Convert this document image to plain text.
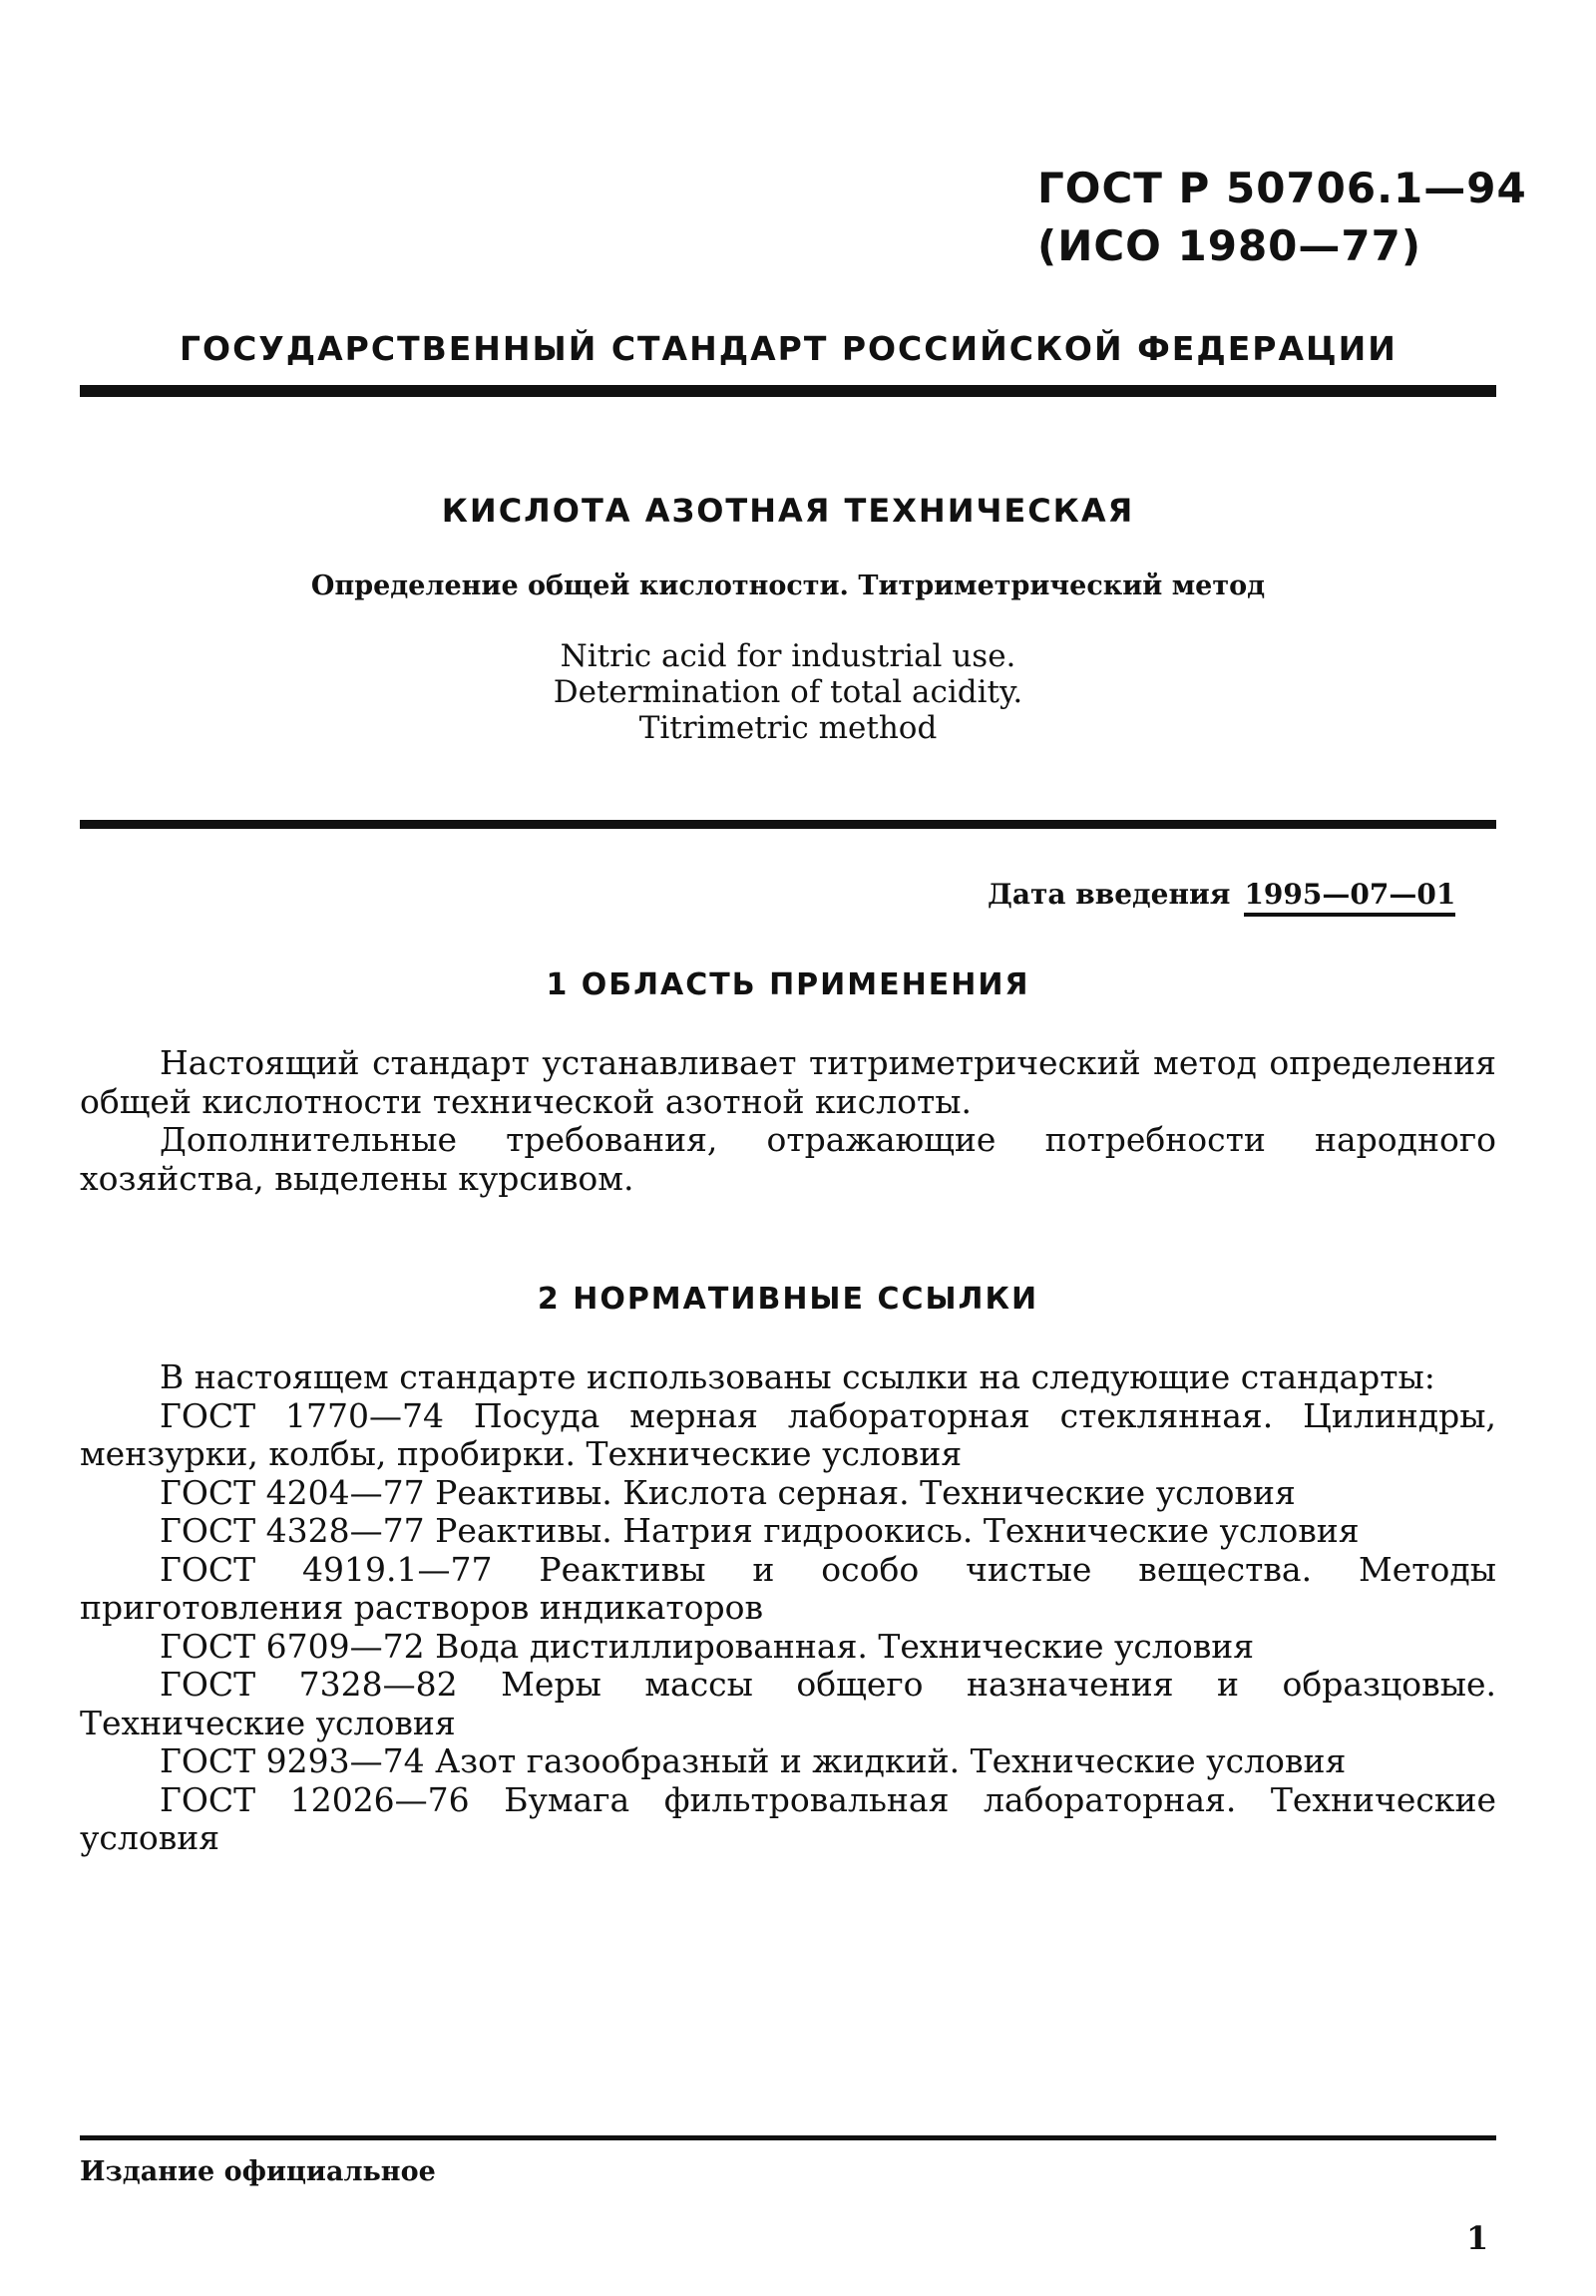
ГОСТ Р 50706.1—94
(ИСО 1980—77)
ГОСУДАРСТВЕННЫЙ СТАНДАРТ РОССИЙСКОЙ ФЕДЕРАЦИИ
КИСЛОТА АЗОТНАЯ ТЕХНИЧЕСКАЯ
Определение общей кислотности. Титриметрический метод
Nitric acid for industrial use.
Determination of total acidity.
Titrimetric method
Дата введения 1995—07—01
1 ОБЛАСТЬ ПРИМЕНЕНИЯ

Настоящий стандарт устанавливает титриметрический метод определения общей кислотности технической азотной кислоты.

Дополнительные требования, отражающие потребности народного хозяйства, выделены курсивом.

2 НОРМАТИВНЫЕ ССЫЛКИ

В настоящем стандарте использованы ссылки на следующие стандарты:

ГОСТ 1770—74 Посуда мерная лабораторная стеклянная. Цилиндры, мензурки, колбы, пробирки. Технические условия

ГОСТ 4204—77 Реактивы. Кислота серная. Технические условия

ГОСТ 4328—77 Реактивы. Натрия гидроокись. Технические условия

ГОСТ 4919.1—77 Реактивы и особо чистые вещества. Методы приготовления растворов индикаторов

ГОСТ 6709—72 Вода дистиллированная. Технические условия

ГОСТ 7328—82 Меры массы общего назначения и образцовые. Технические условия

ГОСТ 9293—74 Азот газообразный и жидкий. Технические условия

ГОСТ 12026—76 Бумага фильтровальная лабораторная. Технические условия

Издание официальное
1
